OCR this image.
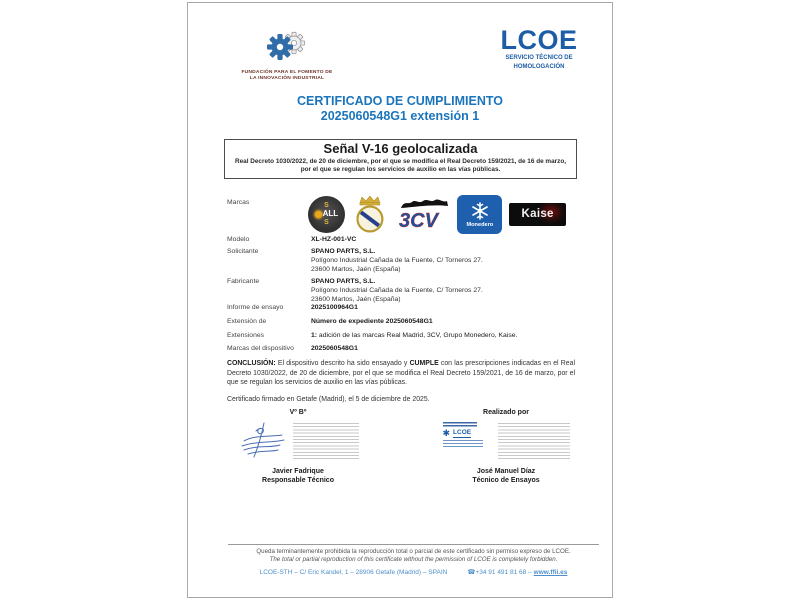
FUNDACIÓN PARA EL FOMENTO DE
LA INNOVACIÓN INDUSTRIAL
LCOE
SERVICIO TÉCNICO DE
HOMOLOGACIÓN
CERTIFICADO DE CUMPLIMIENTO
2025060548G1 extensión 1
Señal V-16 geolocalizada
Real Decreto 1030/2022, de 20 de diciembre, por el que se modifica el Real Decreto 159/2021, de 16 de marzo, por el que se regulan los servicios de auxilio en las vías públicas.
Marcas	S
ALL
S	3CV	Monedero
Kaise
Modelo	XL-HZ-001-VC
Solicitante	SPANO PARTS, S.L.
Polígono Industrial Cañada de la Fuente, C/ Torneros 27.
23600 Martos, Jaén (España)
Fabricante	SPANO PARTS, S.L.
Polígono Industrial Cañada de la Fuente, C/ Torneros 27.
23600 Martos, Jaén (España)
Informe de ensayo	2025100964G1
Extensión de	Número de expediente 2025060548G1
Extensiones	1: adición de las marcas Real Madrid, 3CV, Grupo Monedero, Kaise.
Marcas del dispositivo	2025060548G1
CONCLUSIÓN: El dispositivo descrito ha sido ensayado y CUMPLE con las prescripciones indicadas en el Real Decreto 1030/2022, de 20 de diciembre, por el que se modifica el Real Decreto 159/2021, de 16 de marzo, por el que se regulan los servicios de auxilio en las vías públicas.
Certificado firmado en Getafe (Madrid), el 5 de diciembre de 2025.
Vº Bº
Javier Fadrique
Responsable Técnico
Realizado por
✱ LCOE
José Manuel Díaz
Técnico de Ensayos
Queda terminantemente prohibida la reproducción total o parcial de este certificado sin permiso expreso de LCOE.
The total or partial reproduction of this certificate without the permission of LCOE is completely forbidden.
LCOE-STH – C/ Eric Kandel, 1 – 28906 Getafe (Madrid) – SPAIN	☎+34 91 491 81 68 – www.ffii.es
